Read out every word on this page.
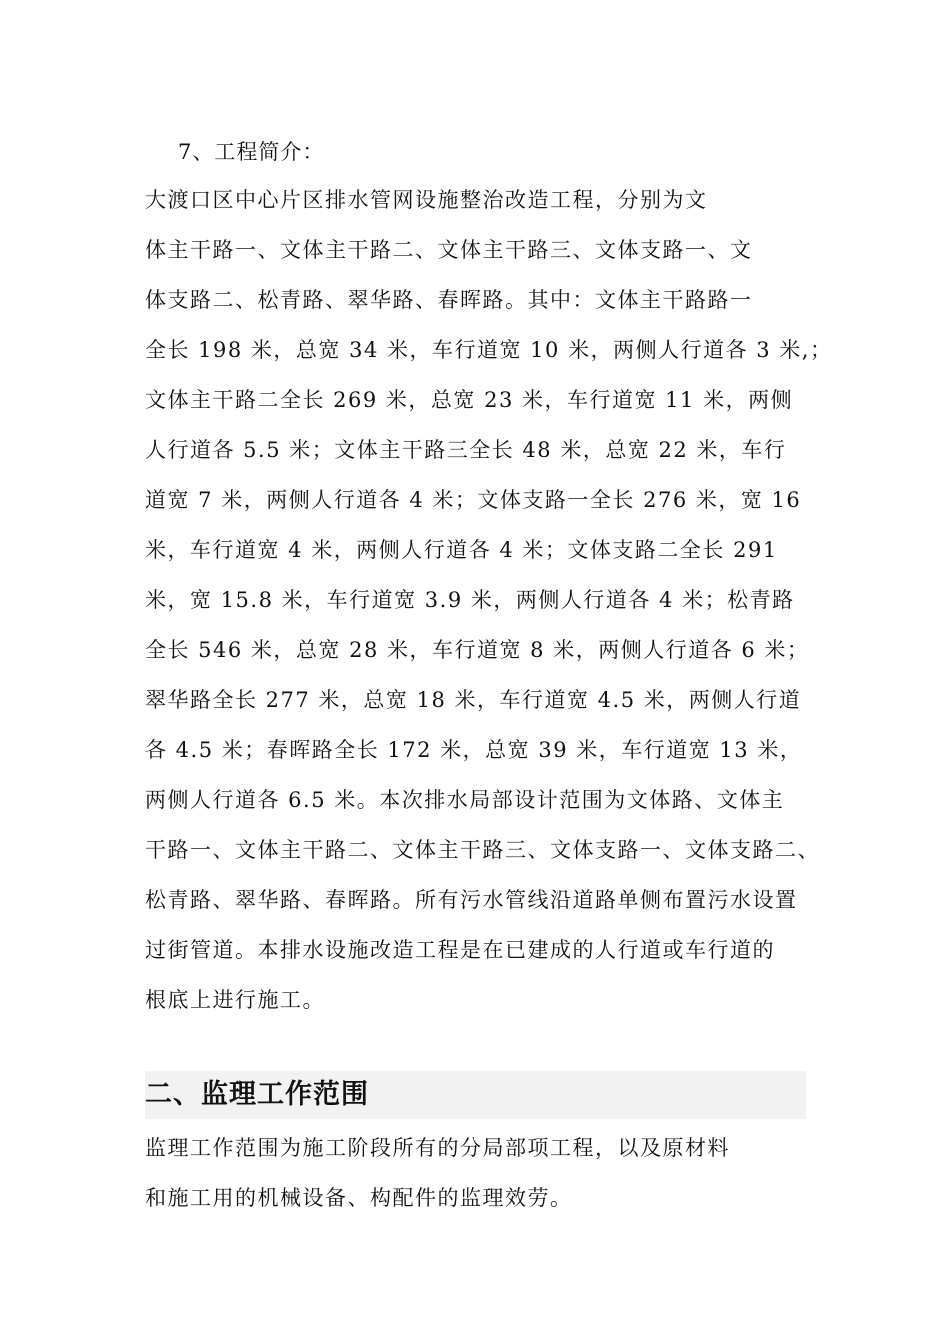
7、工程简介：
大渡口区中心片区排水管网设施整治改造工程，分别为文
体主干路一、文体主干路二、文体主干路三、文体支路一、文
体支路二、松青路、翠华路、春晖路。其中：文体主干路路一
全长 198 米，总宽 34 米，车行道宽 10 米，两侧人行道各 3 米,；
文体主干路二全长 269 米，总宽 23 米，车行道宽 11 米，两侧
人行道各 5.5 米；文体主干路三全长 48 米，总宽 22 米，车行
道宽 7 米，两侧人行道各 4 米；文体支路一全长 276 米，宽 16
米，车行道宽 4 米，两侧人行道各 4 米；文体支路二全长 291
米，宽 15.8 米，车行道宽 3.9 米，两侧人行道各 4 米；松青路
全长 546 米，总宽 28 米，车行道宽 8 米，两侧人行道各 6 米；
翠华路全长 277 米，总宽 18 米，车行道宽 4.5 米，两侧人行道
各 4.5 米；春晖路全长 172 米，总宽 39 米，车行道宽 13 米，
两侧人行道各 6.5 米。本次排水局部设计范围为文体路、文体主
干路一、文体主干路二、文体主干路三、文体支路一、文体支路二、
松青路、翠华路、春晖路。所有污水管线沿道路单侧布置污水设置
过街管道。本排水设施改造工程是在已建成的人行道或车行道的
根底上进行施工。
二、监理工作范围
监理工作范围为施工阶段所有的分局部项工程，以及原材料
和施工用的机械设备、构配件的监理效劳。
